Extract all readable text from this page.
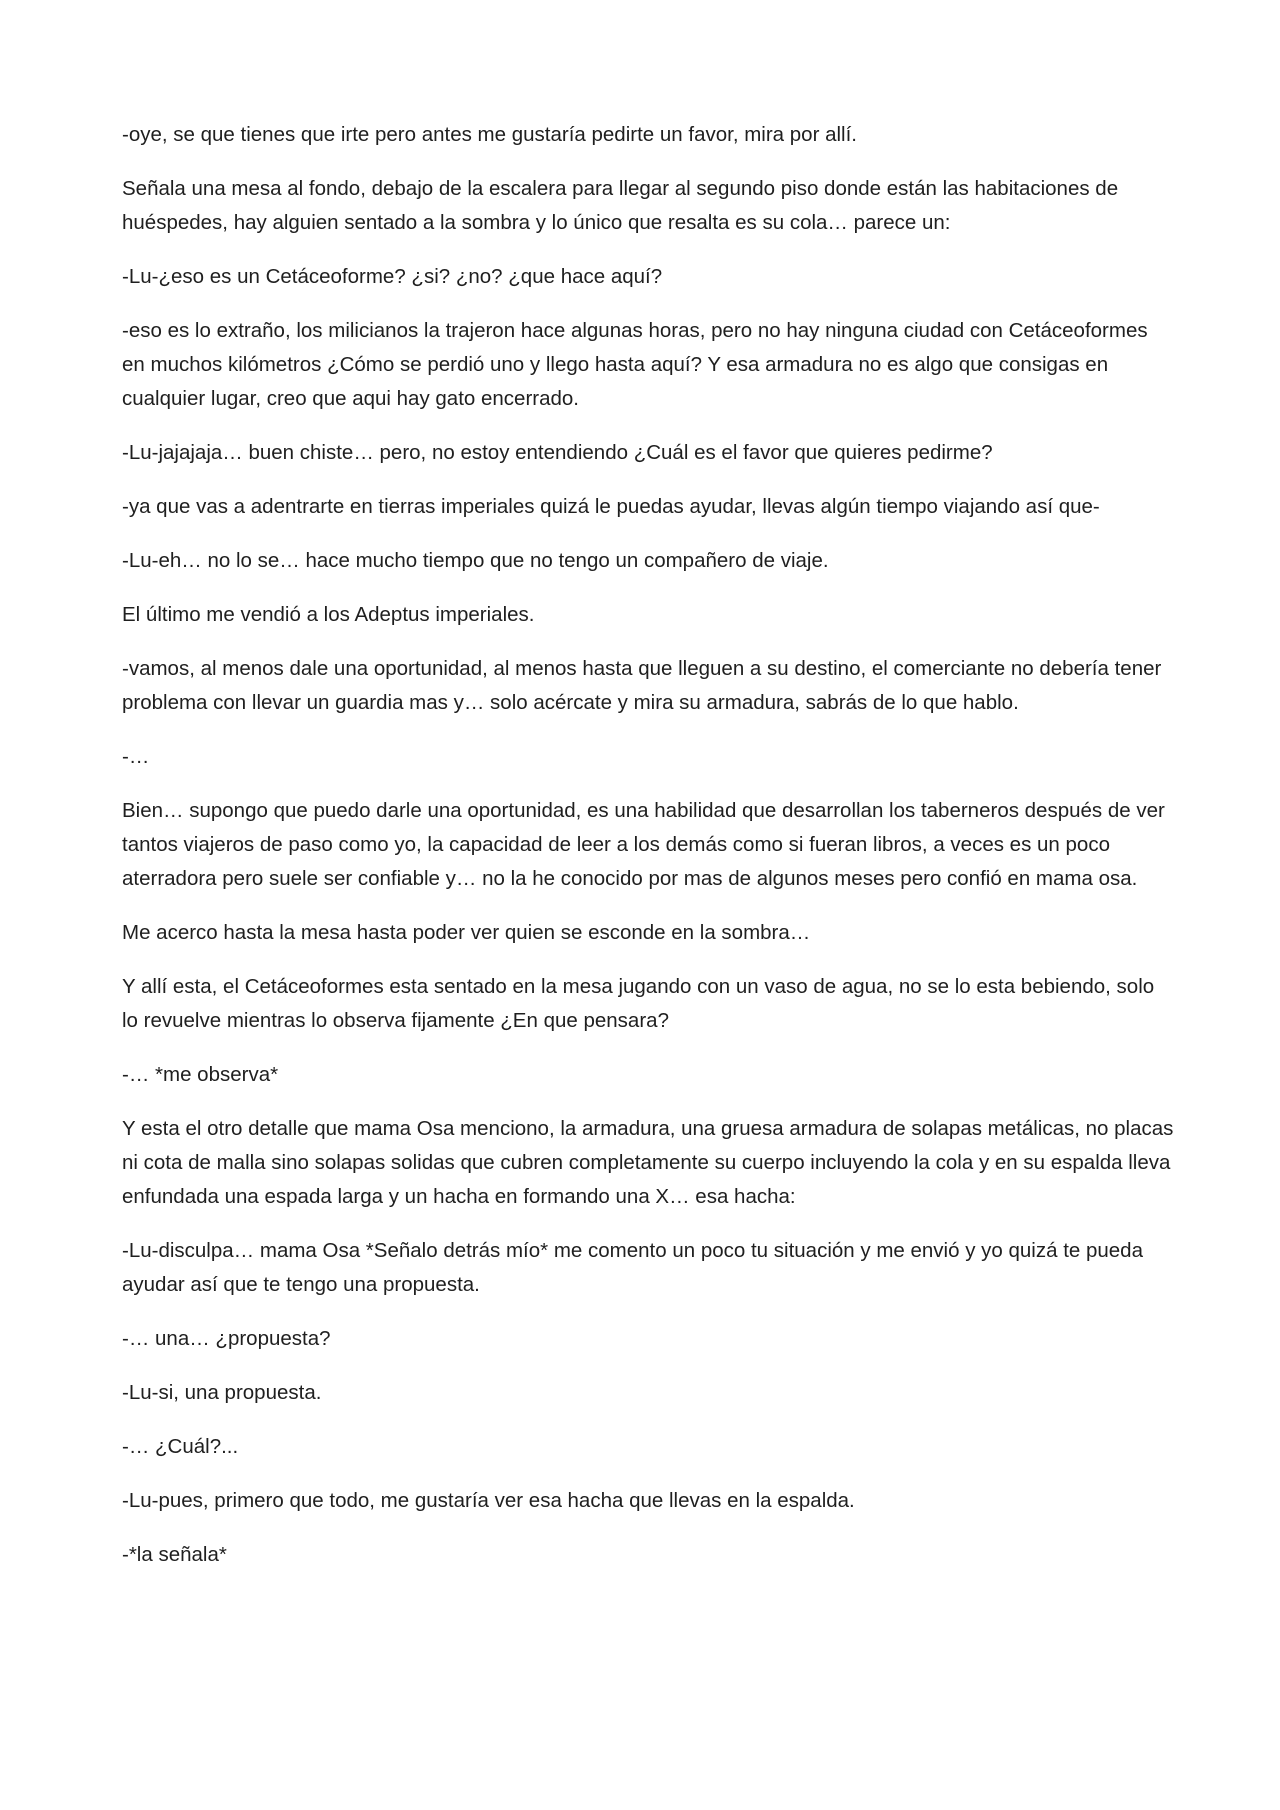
-oye, se que tienes que irte pero antes me gustaría pedirte un favor, mira por allí.

Señala una mesa al fondo, debajo de la escalera para llegar al segundo piso donde están las habitaciones de huéspedes, hay alguien sentado a la sombra y lo único que resalta es su cola… parece un:

-Lu-¿eso es un Cetáceoforme? ¿si? ¿no? ¿que hace aquí?

-eso es lo extraño, los milicianos la trajeron hace algunas horas, pero no hay ninguna ciudad con Cetáceoformes en muchos kilómetros ¿Cómo se perdió uno y llego hasta aquí? Y esa armadura no es algo que consigas en cualquier lugar, creo que aqui hay gato encerrado.

-Lu-jajajaja… buen chiste… pero, no estoy entendiendo ¿Cuál es el favor que quieres pedirme?

-ya que vas a adentrarte en tierras imperiales quizá le puedas ayudar, llevas algún tiempo viajando así que-

-Lu-eh… no lo se… hace mucho tiempo que no tengo un compañero de viaje.

El último me vendió a los Adeptus imperiales.

-vamos, al menos dale una oportunidad, al menos hasta que lleguen a su destino, el comerciante no debería tener problema con llevar un guardia mas y… solo acércate y mira su armadura, sabrás de lo que hablo.

-…

Bien… supongo que puedo darle una oportunidad, es una habilidad que desarrollan los taberneros después de ver tantos viajeros de paso como yo, la capacidad de leer a los demás como si fueran libros, a veces es un poco aterradora pero suele ser confiable y… no la he conocido por mas de algunos meses pero confió en mama osa.

Me acerco hasta la mesa hasta poder ver quien se esconde en la sombra…

Y allí esta, el Cetáceoformes esta sentado en la mesa jugando con un vaso de agua, no se lo esta bebiendo, solo lo revuelve mientras lo observa fijamente ¿En que pensara?

-… *me observa*

Y esta el otro detalle que mama Osa menciono, la armadura, una gruesa armadura de solapas metálicas, no placas ni cota de malla sino solapas solidas que cubren completamente su cuerpo incluyendo la cola y en su espalda lleva enfundada una espada larga y un hacha en formando una X… esa hacha:

-Lu-disculpa… mama Osa *Señalo detrás mío* me comento un poco tu situación y me envió y yo quizá te pueda ayudar así que te tengo una propuesta.

-… una… ¿propuesta?

-Lu-si, una propuesta.

-… ¿Cuál?...

-Lu-pues, primero que todo, me gustaría ver esa hacha que llevas en la espalda.

-*la señala*
